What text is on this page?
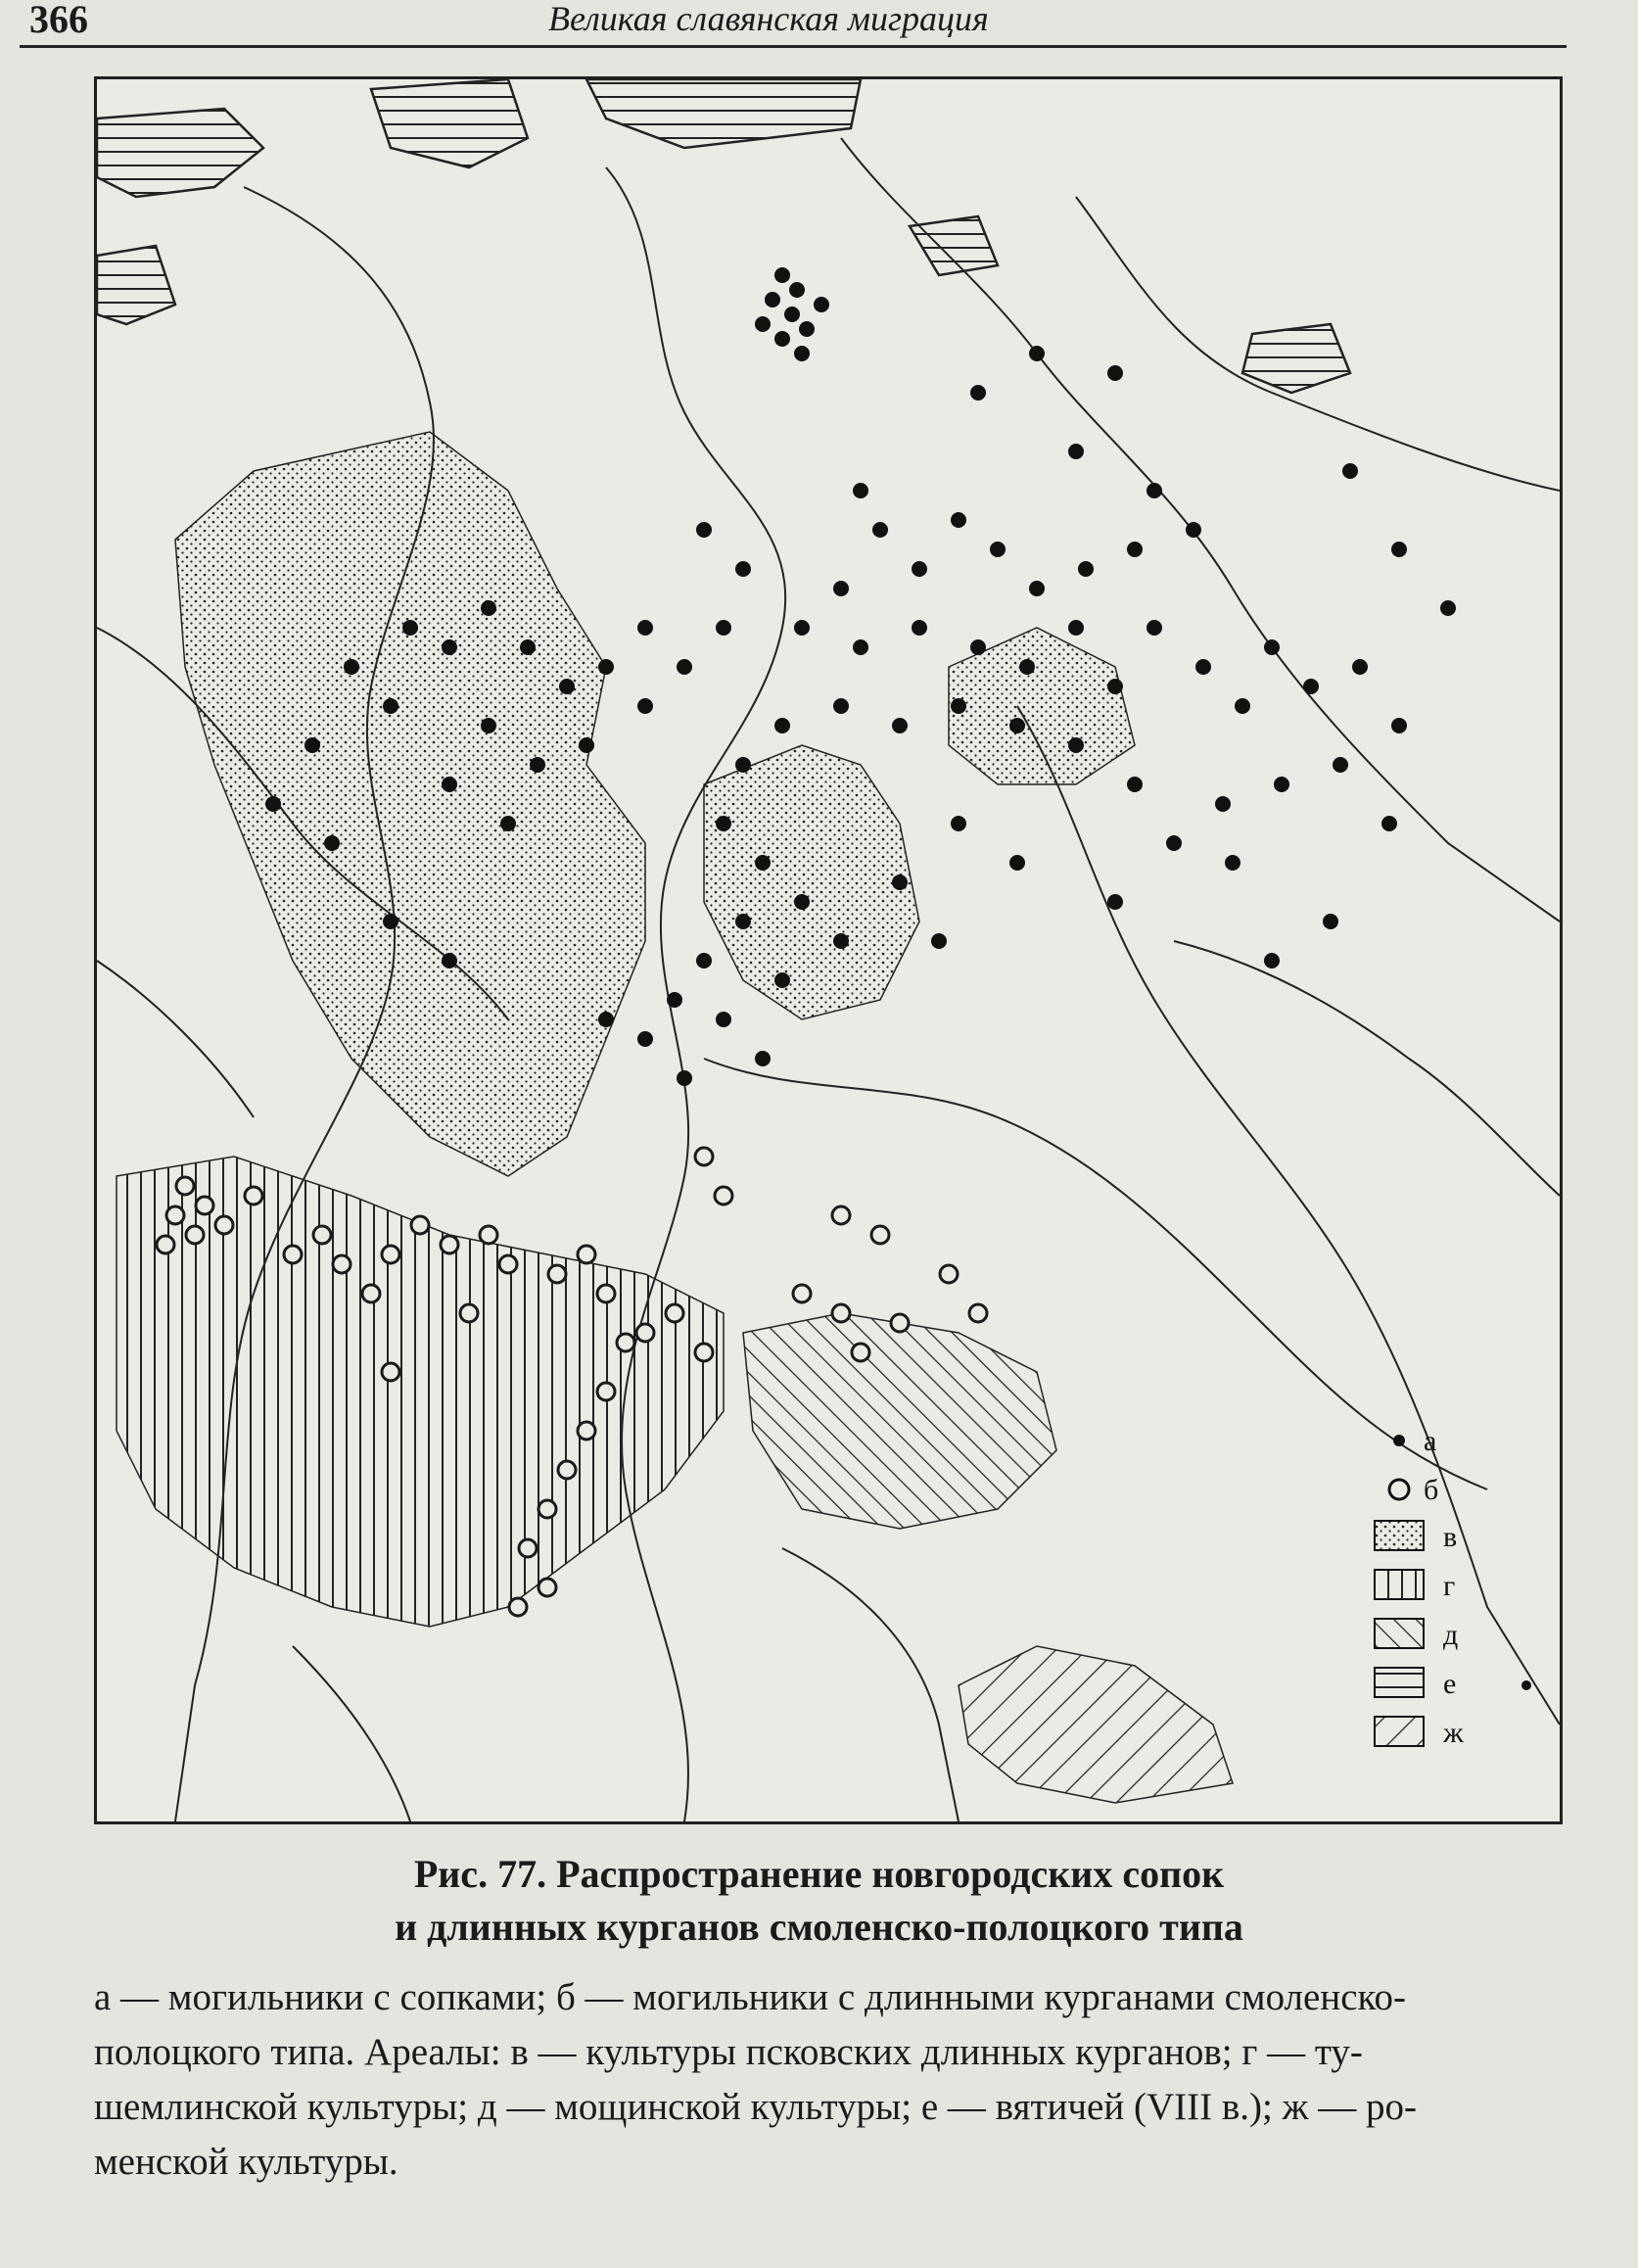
366	Великая славянская миграция
а
б
в
г
д
е
ж
Рис. 77. Распространение новгородских сопок
и длинных курганов смоленско-полоцкого типа
а — могильники с сопками; б — могильники с длинными курганами смоленско-
полоцкого типа. Ареалы: в — культуры псковских длинных курганов; г — ту-
шемлинской культуры; д — мощинской культуры; е — вятичей (VIII в.); ж — ро-
менской культуры.
